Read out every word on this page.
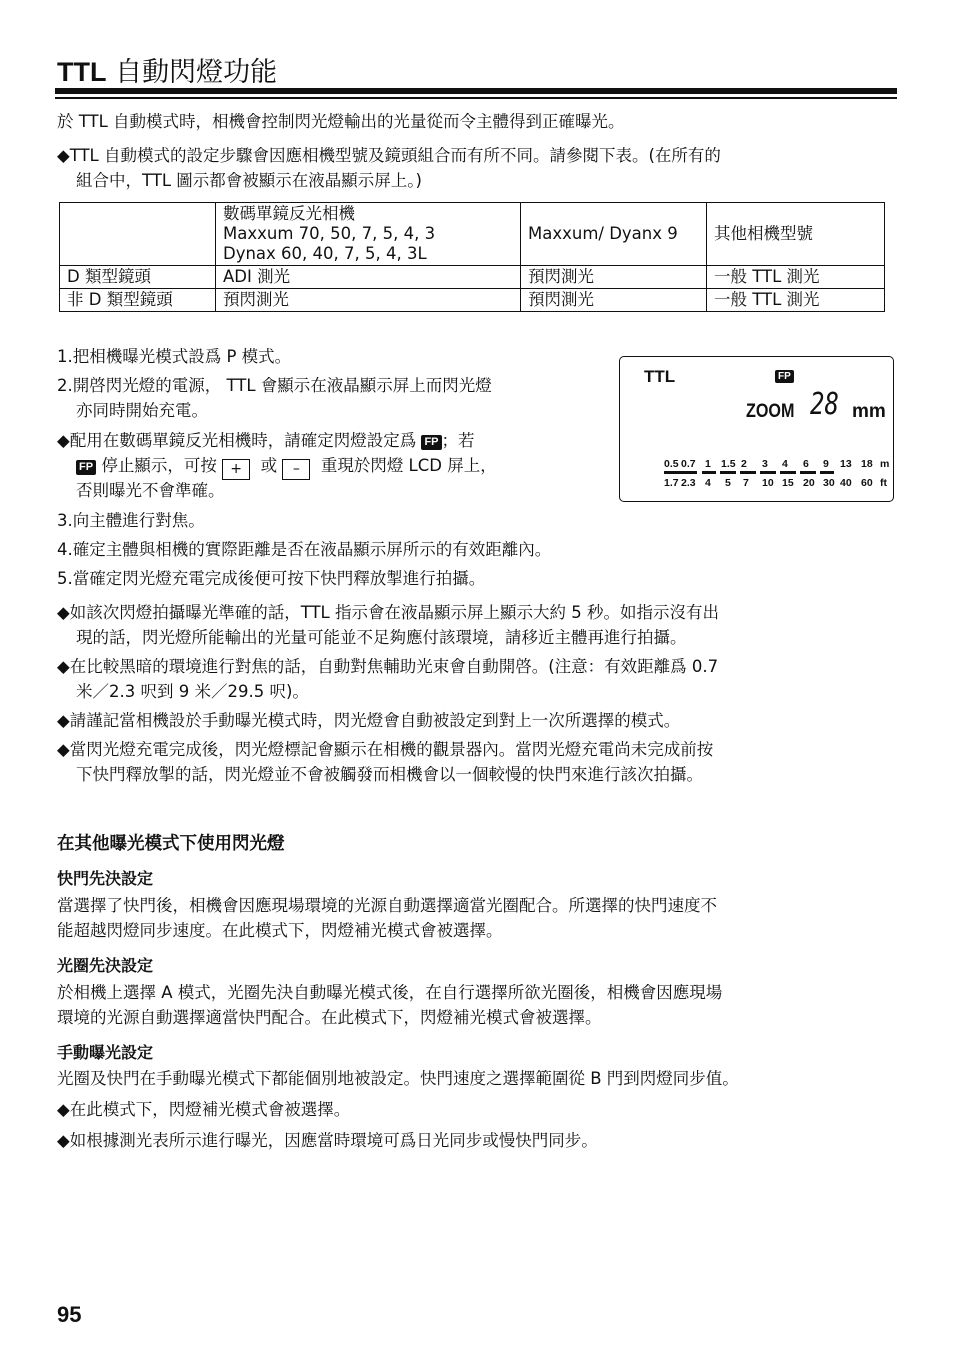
TTL 自動閃燈功能
於 TTL 自動模式時，相機會控制閃光燈輸出的光量從而令主體得到正確曝光。
◆TTL 自動模式的設定步驟會因應相機型號及鏡頭組合而有所不同。請參閱下表。(在所有的
組合中，TTL 圖示都會被顯示在液晶顯示屏上。)

	數碼單鏡反光相機
Maxxum 70, 50, 7, 5, 4, 3
Dynax 60, 40, 7, 5, 4, 3L	Maxxum/ Dyanx 9	其他相機型號
D 類型鏡頭	ADI 測光	預閃測光	一般 TTL 測光
非 D 類型鏡頭	預閃測光	預閃測光	一般 TTL 測光
1.把相機曝光模式設爲 P 模式。
2.開啓閃光燈的電源， TTL 會顯示在液晶顯示屏上而閃光燈
亦同時開始充電。
◆配用在數碼單鏡反光相機時，請確定閃燈設定爲 FP ；若
FP 停止顯示，可按 + 或 – 重現於閃燈 LCD 屏上，
否則曝光不會準確。
3.向主體進行對焦。
4.確定主體與相機的實際距離是否在液晶顯示屏所示的有效距離內。
5.當確定閃光燈充電完成後便可按下快門釋放掣進行拍攝。
TTL	FP
ZOOM 28 mm
0.5 0.7 1 1.5 2 3 4 6 9 13 18 m
1.7 2.3 4 5 7 10 15 20 30 40 60 ft
◆如該次閃燈拍攝曝光準確的話，TTL 指示會在液晶顯示屏上顯示大約 5 秒。如指示沒有出
現的話，閃光燈所能輸出的光量可能並不足夠應付該環境，請移近主體再進行拍攝。
◆在比較黑暗的環境進行對焦的話，自動對焦輔助光束會自動開啓。(注意：有效距離爲 0.7
米／2.3 呎到 9 米／29.5 呎)。
◆請謹記當相機設於手動曝光模式時，閃光燈會自動被設定到對上一次所選擇的模式。
◆當閃光燈充電完成後，閃光燈標記會顯示在相機的觀景器內。當閃光燈充電尚未完成前按
下快門釋放掣的話，閃光燈並不會被觸發而相機會以一個較慢的快門來進行該次拍攝。
在其他曝光模式下使用閃光燈
快門先決設定
當選擇了快門後，相機會因應現場環境的光源自動選擇適當光圈配合。所選擇的快門速度不
能超越閃燈同步速度。在此模式下，閃燈補光模式會被選擇。
光圈先決設定
於相機上選擇 A 模式，光圈先決自動曝光模式後，在自行選擇所欲光圈後，相機會因應現場
環境的光源自動選擇適當快門配合。在此模式下，閃燈補光模式會被選擇。
手動曝光設定
光圈及快門在手動曝光模式下都能個別地被設定。快門速度之選擇範圍從 B 門到閃燈同步值。
◆在此模式下，閃燈補光模式會被選擇。
◆如根據測光表所示進行曝光，因應當時環境可爲日光同步或慢快門同步。
95
